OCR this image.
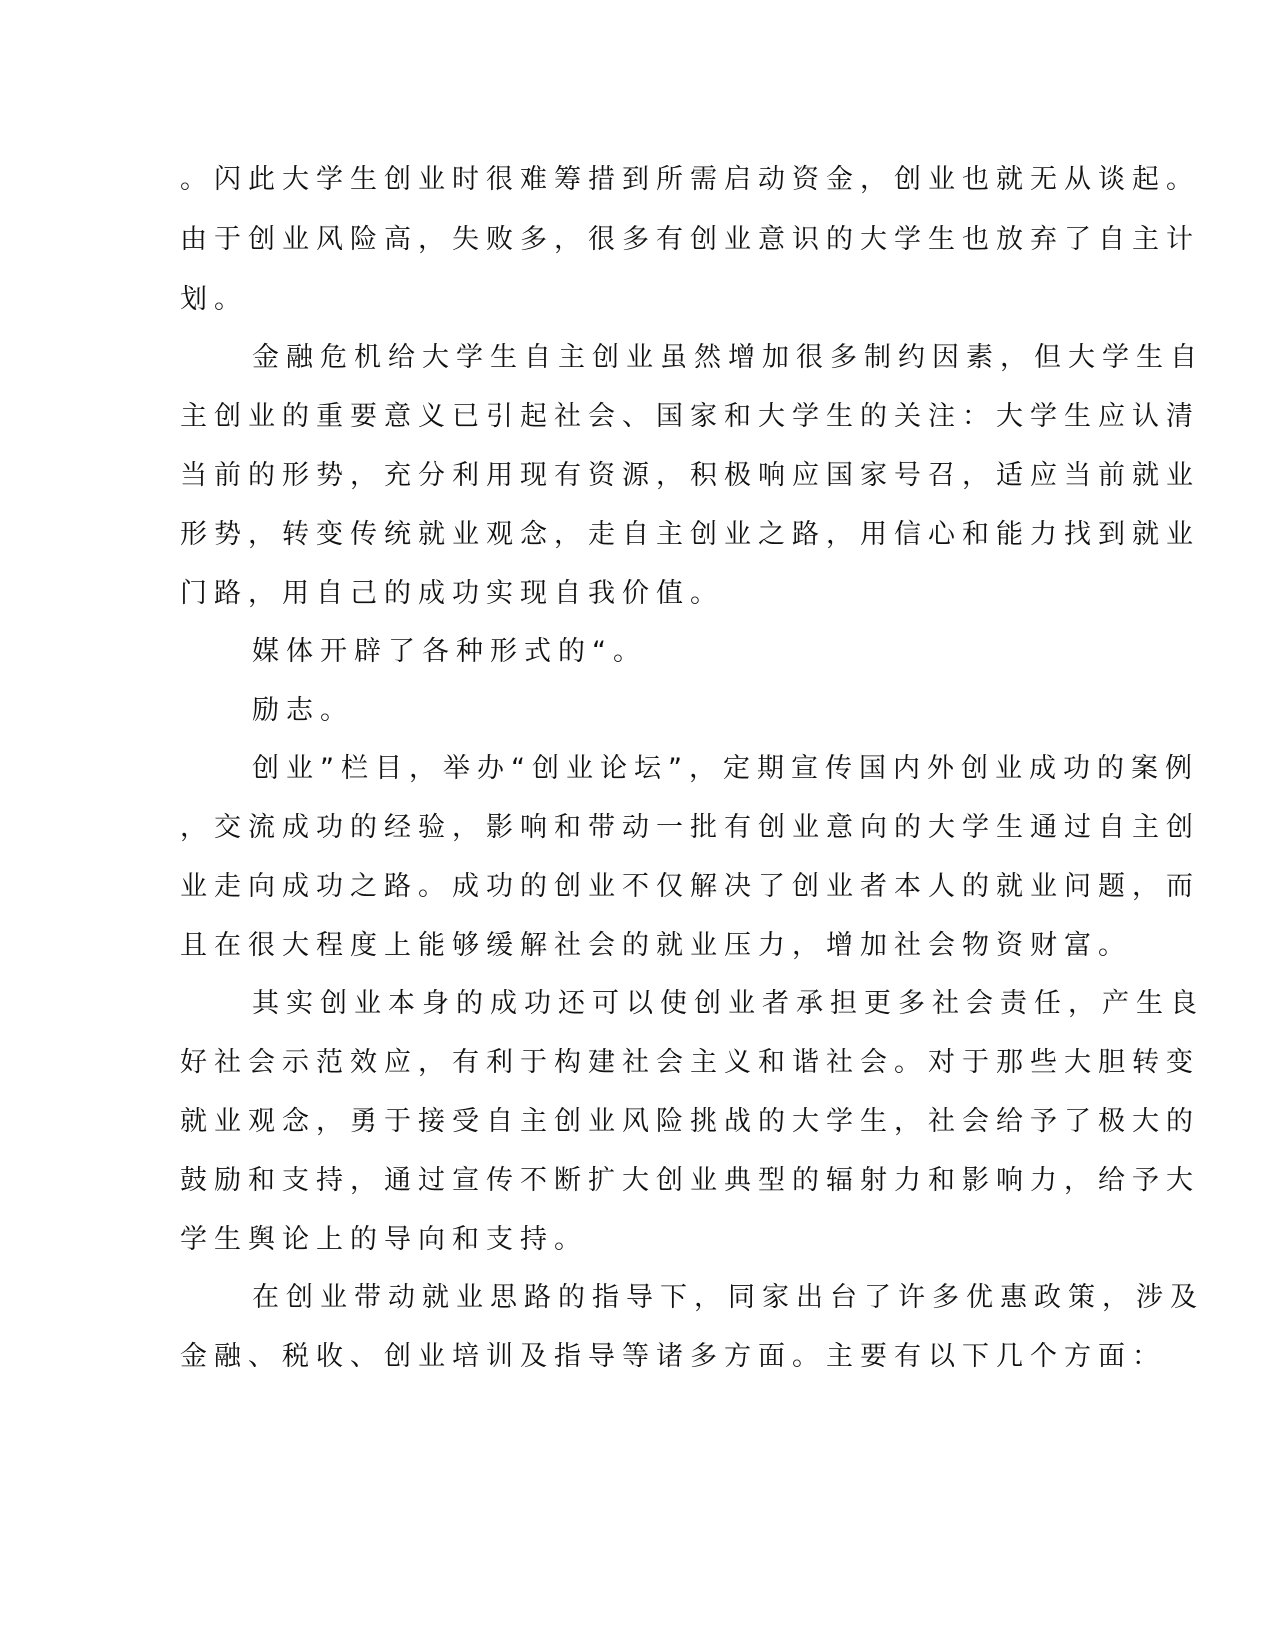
。闪此大学生创业时很难筹措到所需启动资金，创业也就无从谈起。
由于创业风险高，失败多，很多有创业意识的大学生也放弃了自主计
划。
金融危机给大学生自主创业虽然增加很多制约因素，但大学生自
主创业的重要意义已引起社会、国家和大学生的关注：大学生应认清
当前的形势，充分利用现有资源，积极响应国家号召，适应当前就业
形势，转变传统就业观念，走自主创业之路，用信心和能力找到就业
门路，用自己的成功实现自我价值。
媒体开辟了各种形式的“。
励志。
创业”栏目，举办“创业论坛”，定期宣传国内外创业成功的案例
，交流成功的经验，影响和带动一批有创业意向的大学生通过自主创
业走向成功之路。成功的创业不仅解决了创业者本人的就业问题，而
且在很大程度上能够缓解社会的就业压力，增加社会物资财富。
其实创业本身的成功还可以使创业者承担更多社会责任，产生良
好社会示范效应，有利于构建社会主义和谐社会。对于那些大胆转变
就业观念，勇于接受自主创业风险挑战的大学生，社会给予了极大的
鼓励和支持，通过宣传不断扩大创业典型的辐射力和影响力，给予大
学生舆论上的导向和支持。
在创业带动就业思路的指导下，同家出台了许多优惠政策，涉及
金融、税收、创业培训及指导等诸多方面。主要有以下几个方面：
